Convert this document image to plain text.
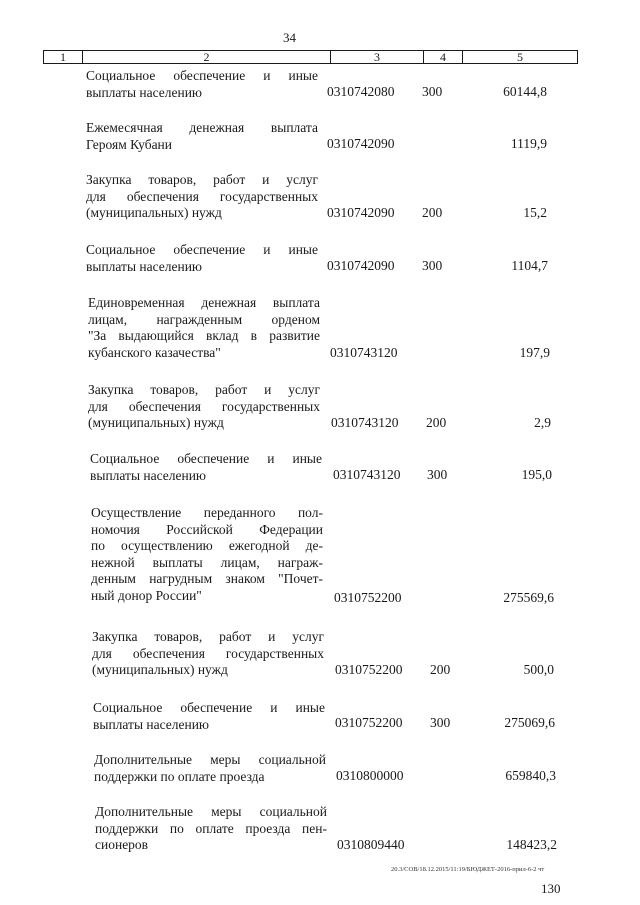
34
1	2	3	4	5
Социальное обеспечение и иные
выплаты населению	0310742080 300	60144,8
Ежемесячная денежная выплата
Героям Кубани	0310742090	1119,9
Закупка товаров, работ и услуг
для обеспечения государственных
(муниципальных) нужд	0310742090 200	15,2
Социальное обеспечение и иные
выплаты населению	0310742090 300	1104,7
Единовременная денежная выплата
лицам, награжденным орденом
"За выдающийся вклад в развитие
кубанского казачества"	0310743120	197,9
Закупка товаров, работ и услуг
для обеспечения государственных
(муниципальных) нужд	0310743120 200	2,9
Социальное обеспечение и иные
выплаты населению	0310743120 300	195,0
Осуществление переданного пол-
номочия Российской Федерации
по осуществлению ежегодной де-
нежной выплаты лицам, награж-
денным нагрудным знаком "Почет-
ный донор России"	0310752200	275569,6
Закупка товаров, работ и услуг
для обеспечения государственных
(муниципальных) нужд	0310752200 200	500,0
Социальное обеспечение и иные
выплаты населению	0310752200 300	275069,6
Дополнительные меры социальной
поддержки по оплате проезда	0310800000	659840,3
Дополнительные меры социальной
поддержки по оплате проезда пен-
сионеров	0310809440	148423,2
20.3/СОВ/18.12.2015/11:19/БЮДЖЕТ-2016-прил-6-2 чт
130
